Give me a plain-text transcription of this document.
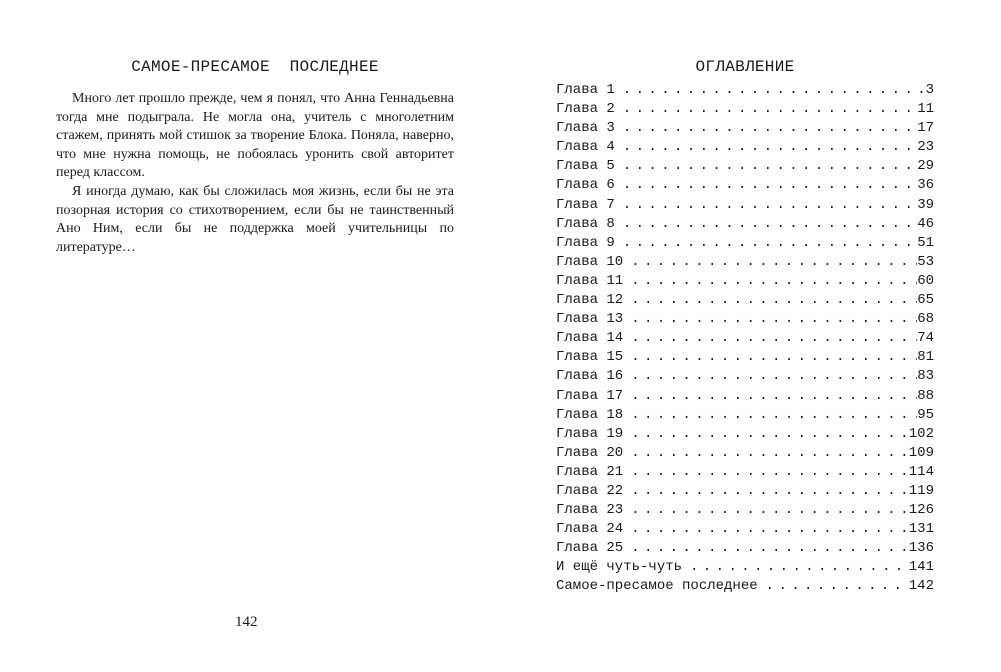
САМОЕ-ПРЕСАМОЕ  ПОСЛЕДНЕЕ

Много лет прошло прежде, чем я понял, что Анна Геннадьевна тогда мне подыграла. Не могла она, учитель с многолетним стажем, принять мой стишок за творение Блока. Поняла, наверно, что мне нужна помощь, не побоялась уронить свой авторитет перед классом.

Я иногда думаю, как бы сложилась моя жизнь, если бы не эта позорная история со стихотворением, если бы не таинственный Ано Ним, если бы не поддержка моей учительницы по литературе…

142
ОГЛАВЛЕНИЕ
Глава 1 . . .	3
Глава 2 . . .	11
Глава 3 . . .	17
Глава 4 . . .	23
Глава 5 . . .	29
Глава 6 . . .	36
Глава 7 . . .	39
Глава 8 . . .	46
Глава 9 . . .	51
Глава 10 . . .	53
Глава 11 . . .	60
Глава 12 . . .	65
Глава 13 . . .	68
Глава 14 . . .	74
Глава 15 . . .	81
Глава 16 . . .	83
Глава 17 . . .	88
Глава 18 . . .	95
Глава 19 . . .	102
Глава 20 . . .	109
Глава 21 . . .	114
Глава 22 . . .	119
Глава 23 . . .	126
Глава 24 . . .	131
Глава 25 . . .	136
И ещё чуть-чуть . . .	141
Самое-пресамое последнее . . .	142
